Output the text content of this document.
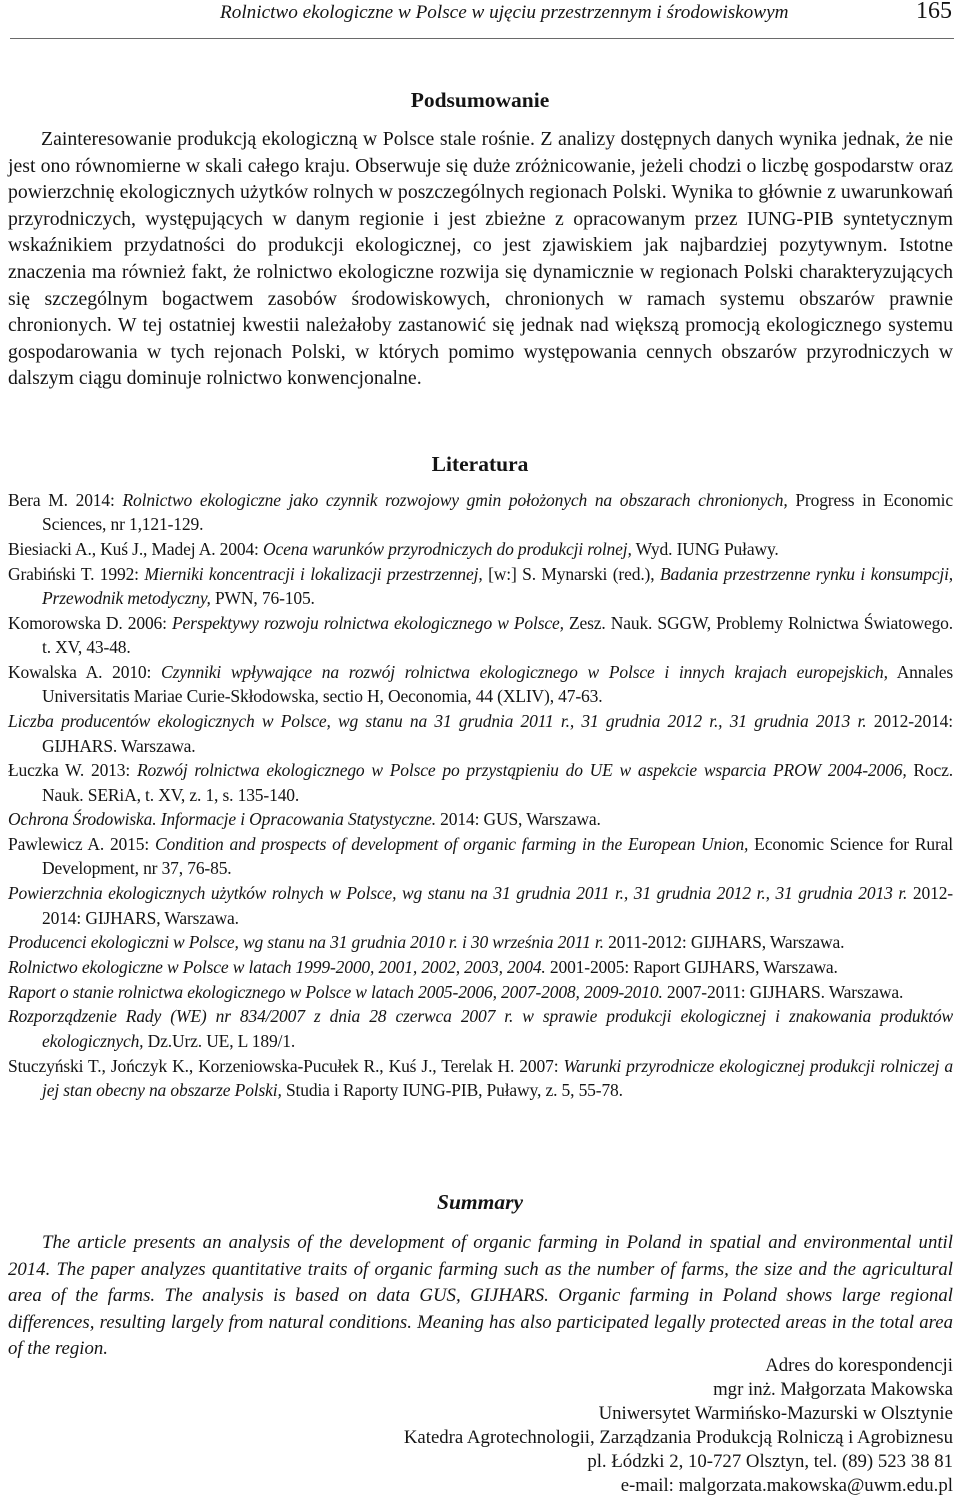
Rolnictwo ekologiczne w Polsce w ujęciu przestrzennym i środowiskowym	165
Podsumowanie

Zainteresowanie produkcją ekologiczną w Polsce stale rośnie. Z analizy dostępnych danych wynika jednak, że nie jest ono równomierne w skali całego kraju. Obserwuje się duże zróżnicowanie, jeżeli chodzi o liczbę gospodarstw oraz powierzchnię ekologicznych użytków rolnych w poszczególnych regionach Polski. Wynika to głównie z uwarunkowań przyrodniczych, występujących w danym regionie i jest zbieżne z opracowanym przez IUNG-PIB syntetycznym wskaźnikiem przydatności do produkcji ekologicznej, co jest zjawiskiem jak najbardziej pozytywnym. Istotne znaczenia ma również fakt, że rolnictwo ekologiczne rozwija się dynamicznie w regionach Polski charakteryzujących się szczególnym bogactwem zasobów środowiskowych, chronionych w ramach systemu obszarów prawnie chronionych. W tej ostatniej kwestii należałoby zastanowić się jednak nad większą promocją ekologicznego systemu gospodarowania w tych rejonach Polski, w których pomimo występowania cennych obszarów przyrodniczych w dalszym ciągu dominuje rolnictwo konwencjonalne.

Literatura

Bera M. 2014: Rolnictwo ekologiczne jako czynnik rozwojowy gmin położonych na obszarach chronionych, Progress in Economic Sciences, nr 1,121-129.

Biesiacki A., Kuś J., Madej A. 2004: Ocena warunków przyrodniczych do produkcji rolnej, Wyd. IUNG Puławy.

Grabiński T. 1992: Mierniki koncentracji i lokalizacji przestrzennej, [w:] S. Mynarski (red.), Badania przestrzenne rynku i konsumpcji, Przewodnik metodyczny, PWN, 76-105.

Komorowska D. 2006: Perspektywy rozwoju rolnictwa ekologicznego w Polsce, Zesz. Nauk. SGGW, Problemy Rolnictwa Światowego. t. XV, 43-48.

Kowalska A. 2010: Czynniki wpływające na rozwój rolnictwa ekologicznego w Polsce i innych krajach europejskich, Annales Universitatis Mariae Curie-Skłodowska, sectio H, Oeconomia, 44 (XLIV), 47-63.

Liczba producentów ekologicznych w Polsce, wg stanu na 31 grudnia 2011 r., 31 grudnia 2012 r., 31 grudnia 2013 r. 2012-2014: GIJHARS. Warszawa.

Łuczka W. 2013: Rozwój rolnictwa ekologicznego w Polsce po przystąpieniu do UE w aspekcie wsparcia PROW 2004-2006, Rocz. Nauk. SERiA, t. XV, z. 1, s. 135-140.

Ochrona Środowiska. Informacje i Opracowania Statystyczne. 2014: GUS, Warszawa.

Pawlewicz A. 2015: Condition and prospects of development of organic farming in the European Union, Economic Science for Rural Development, nr 37, 76-85.

Powierzchnia ekologicznych użytków rolnych w Polsce, wg stanu na 31 grudnia 2011 r., 31 grudnia 2012 r., 31 grudnia 2013 r. 2012-2014: GIJHARS, Warszawa.

Producenci ekologiczni w Polsce, wg stanu na 31 grudnia 2010 r. i 30 września 2011 r. 2011-2012: GIJHARS, Warszawa.

Rolnictwo ekologiczne w Polsce w latach 1999-2000, 2001, 2002, 2003, 2004. 2001-2005: Raport GIJHARS, Warszawa.

Raport o stanie rolnictwa ekologicznego w Polsce w latach 2005-2006, 2007-2008, 2009-2010. 2007-2011: GIJHARS. Warszawa.

Rozporządzenie Rady (WE) nr 834/2007 z dnia 28 czerwca 2007 r. w sprawie produkcji ekologicznej i znakowania produktów ekologicznych, Dz.Urz. UE, L 189/1.

Stuczyński T., Jończyk K., Korzeniowska-Pucułek R., Kuś J., Terelak H. 2007: Warunki przyrodnicze ekologicznej produkcji rolniczej a jej stan obecny na obszarze Polski, Studia i Raporty IUNG-PIB, Puławy, z. 5, 55-78.

Summary

The article presents an analysis of the development of organic farming in Poland in spatial and environmental until 2014. The paper analyzes quantitative traits of organic farming such as the number of farms, the size and the agricultural area of the farms. The analysis is based on data GUS, GIJHARS. Organic farming in Poland shows large regional differences, resulting largely from natural conditions. Meaning has also participated legally protected areas in the total area of the region.

Adres do korespondencji
mgr inż. Małgorzata Makowska
Uniwersytet Warmińsko-Mazurski w Olsztynie
Katedra Agrotechnologii, Zarządzania Produkcją Rolniczą i Agrobiznesu
pl. Łódzki 2, 10-727 Olsztyn, tel. (89) 523 38 81
e-mail: malgorzata.makowska@uwm.edu.pl
